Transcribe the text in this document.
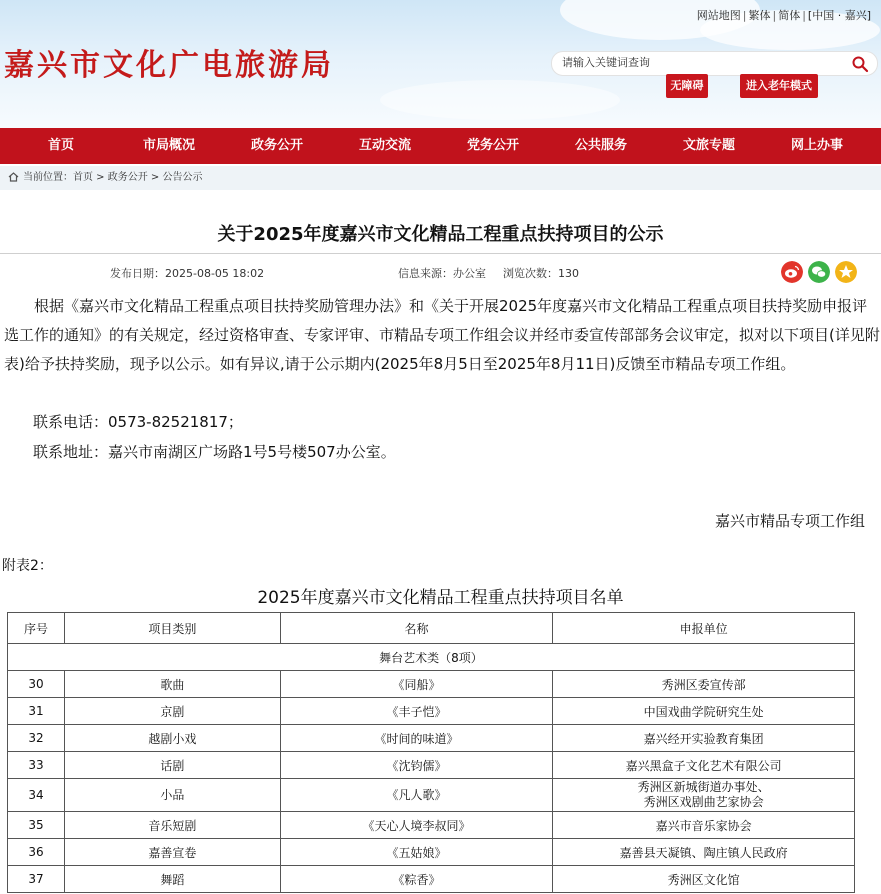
网站地图 | 繁体 | 简体 | [中国 · 嘉兴]
嘉兴市文化广电旅游局
请输入关键词查询
无障碍	进入老年模式
首页	市局概况	政务公开	互动交流	党务公开	公共服务	文旅专题	网上办事
当前位置：首页 > 政务公开 > 公告公示
关于2025年度嘉兴市文化精品工程重点扶持项目的公示
发布日期：2025-08-05 18:02	信息来源：办公室 浏览次数：130

根据《嘉兴市文化精品工程重点项目扶持奖励管理办法》和《关于开展2025年度嘉兴市文化精品工程重点项目扶持奖励申报评选工作的通知》的有关规定，经过资格审查、专家评审、市精品专项工作组会议并经市委宣传部部务会议审定，拟对以下项目(详见附表)给予扶持奖励，现予以公示。如有异议,请于公示期内(2025年8月5日至2025年8月11日)反馈至市精品专项工作组。

联系电话：0573-82521817；
联系地址：嘉兴市南湖区广场路1号5号楼507办公室。
嘉兴市精品专项工作组
附表2：
2025年度嘉兴市文化精品工程重点扶持项目名单
序号	项目类别	名称	申报单位
舞台艺术类（8项）			
30	歌曲	《同船》	秀洲区委宣传部
31	京剧	《丰子恺》	中国戏曲学院研究生处
32	越剧小戏	《时间的味道》	嘉兴经开实验教育集团
33	话剧	《沈钧儒》	嘉兴黑盒子文化艺术有限公司
34	小品	《凡人歌》	秀洲区新城街道办事处、
秀洲区戏剧曲艺家协会

35	音乐短剧	《天心人境李叔同》	嘉兴市音乐家协会
36	嘉善宣卷	《五姑娘》	嘉善县天凝镇、陶庄镇人民政府
37	舞蹈	《粽香》	秀洲区文化馆
